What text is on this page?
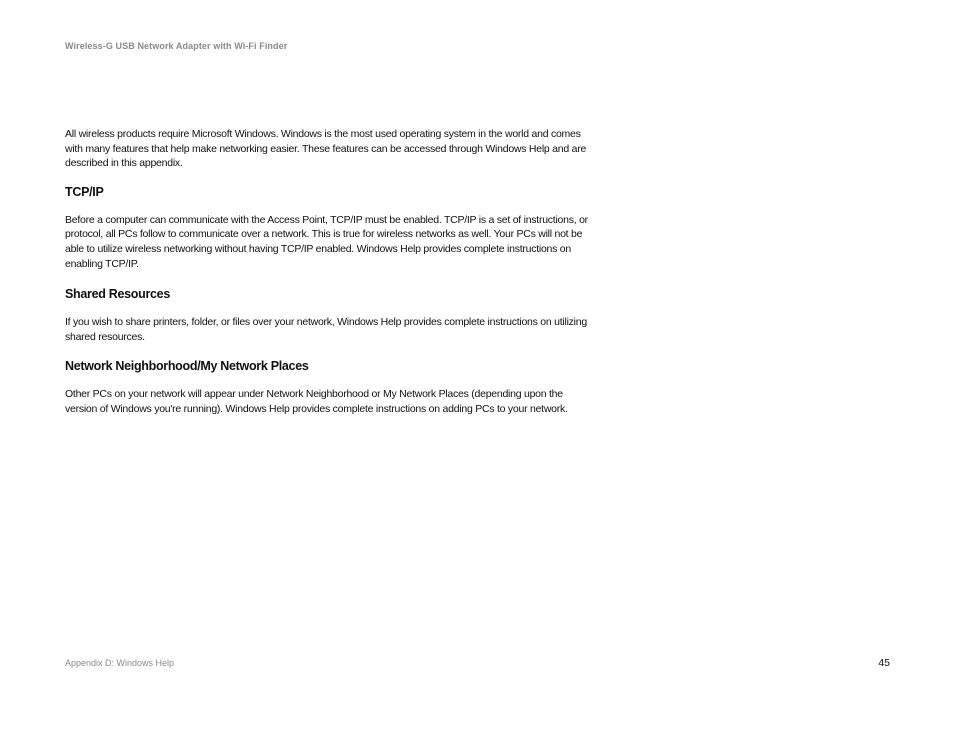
Wireless-G USB Network Adapter with Wi-Fi Finder

All wireless products require Microsoft Windows. Windows is the most used operating system in the world and comes with many features that help make networking easier. These features can be accessed through Windows Help and are described in this appendix.

TCP/IP

Before a computer can communicate with the Access Point, TCP/IP must be enabled. TCP/IP is a set of instructions, or protocol, all PCs follow to communicate over a network. This is true for wireless networks as well. Your PCs will not be able to utilize wireless networking without having TCP/IP enabled. Windows Help provides complete instructions on enabling TCP/IP.

Shared Resources

If you wish to share printers, folder, or files over your network, Windows Help provides complete instructions on utilizing shared resources.

Network Neighborhood/My Network Places

Other PCs on your network will appear under Network Neighborhood or My Network Places (depending upon the version of Windows you're running). Windows Help provides complete instructions on adding PCs to your network.

Appendix D: Windows Help	45
